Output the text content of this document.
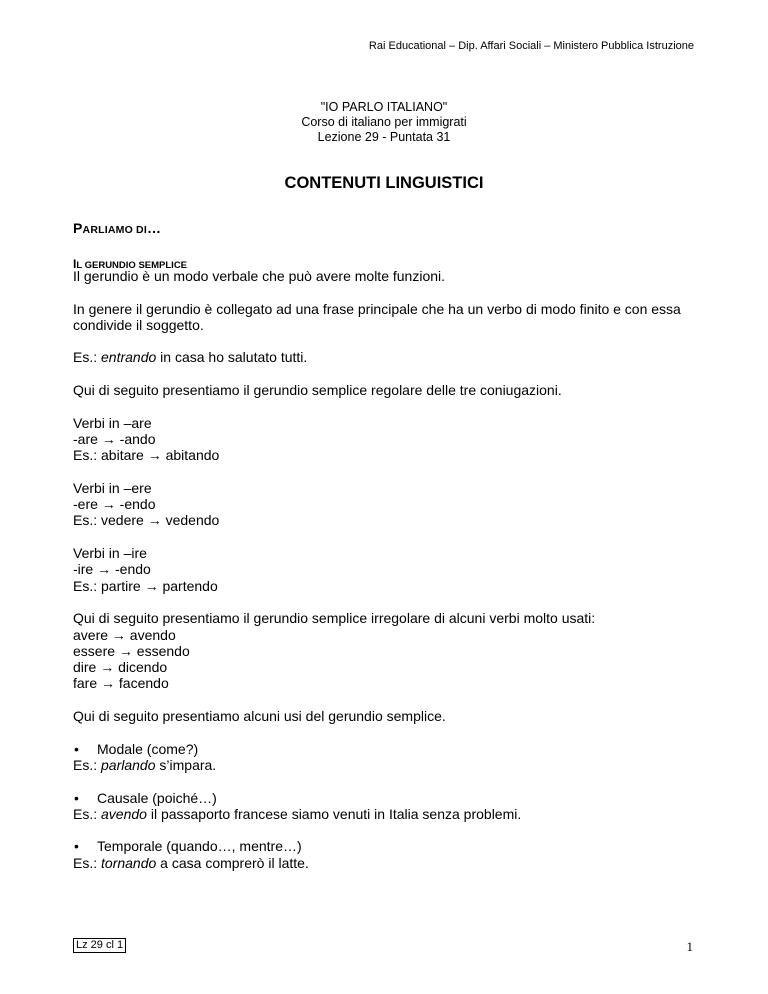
Rai Educational – Dip. Affari Sociali – Ministero Pubblica Istruzione
"IO PARLO ITALIANO"
Corso di italiano per immigrati
Lezione 29 - Puntata 31
CONTENUTI LINGUISTICI
PARLIAMO DI…
IL GERUNDIO SEMPLICE

Il gerundio è un modo verbale che può avere molte funzioni.

In genere il gerundio è collegato ad una frase principale che ha un verbo di modo finito e con essa condivide il soggetto.

Es.: entrando in casa ho salutato tutti.

Qui di seguito presentiamo il gerundio semplice regolare delle tre coniugazioni.

Verbi in –are

-are → -ando

Es.: abitare → abitando

Verbi in –ere

-ere → -endo

Es.: vedere → vedendo

Verbi in –ire

-ire → -endo

Es.: partire → partendo

Qui di seguito presentiamo il gerundio semplice irregolare di alcuni verbi molto usati:

avere → avendo

essere → essendo

dire → dicendo

fare → facendo

Qui di seguito presentiamo alcuni usi del gerundio semplice.

•	Modale (come?)

Es.: parlando s’impara.

•	Causale (poiché…)

Es.: avendo il passaporto francese siamo venuti in Italia senza problemi.

•	Temporale (quando…, mentre…)

Es.: tornando a casa comprerò il latte.

Lz 29 cl 1	1
